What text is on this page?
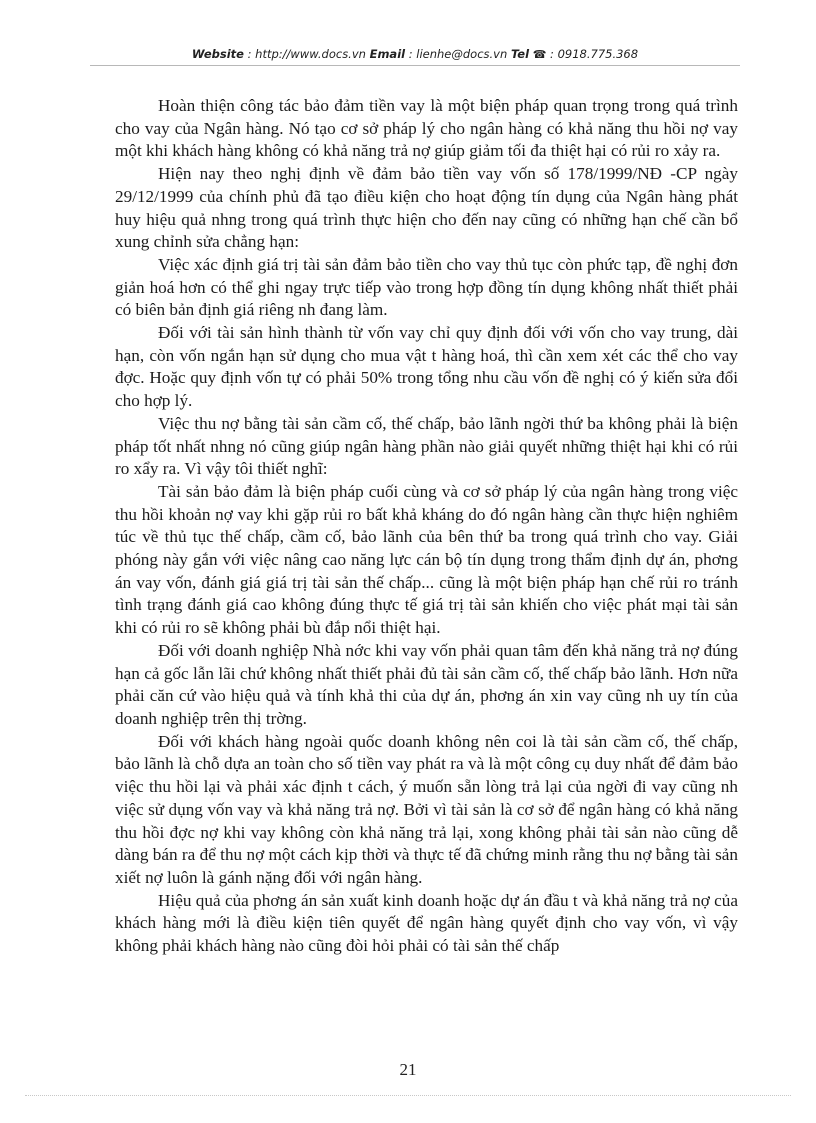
Website : http://www.docs.vn Email : lienhe@docs.vn Tel ☎ : 0918.775.368

Hoàn thiện công tác bảo đảm tiền vay là một biện pháp quan trọng trong quá trình cho vay của Ngân hàng. Nó tạo cơ sở pháp lý cho ngân hàng có khả năng thu hồi nợ vay một khi khách hàng không có khả năng trả nợ giúp giảm tối đa thiệt hại có rủi ro xảy ra.

Hiện nay theo nghị định về đảm bảo tiền vay vốn số 178/1999/NĐ -CP ngày 29/12/1999 của chính phủ đã tạo điều kiện cho hoạt động tín dụng của Ngân hàng phát huy hiệu quả nhng trong quá trình thực hiện cho đến nay cũng có những hạn chế cần bổ xung chỉnh sửa chẳng hạn:

Việc xác định giá trị tài sản đảm bảo tiền cho vay thủ tục còn phức tạp, đề nghị đơn giản hoá hơn có thể ghi ngay trực tiếp vào trong hợp đồng tín dụng không nhất thiết phải có biên bản định giá riêng nh đang làm.

Đối với tài sản hình thành từ vốn vay chỉ quy định đối với vốn cho vay trung, dài hạn, còn vốn ngắn hạn sử dụng cho mua vật t hàng hoá, thì cần xem xét các thể cho vay đợc. Hoặc quy định vốn tự có phải 50% trong tổng nhu cầu vốn đề nghị có ý kiến sửa đổi cho hợp lý.

Việc thu nợ bằng tài sản cầm cố, thế chấp, bảo lãnh ngời thứ ba không phải là biện pháp tốt nhất nhng nó cũng giúp ngân hàng phần nào giải quyết những thiệt hại khi có rủi ro xẩy ra. Vì vậy tôi thiết nghĩ:

Tài sản bảo đảm là biện pháp cuối cùng và cơ sở pháp lý của ngân hàng trong việc thu hồi khoản nợ vay khi gặp rủi ro bất khả kháng do đó ngân hàng cần thực hiện nghiêm túc về thủ tục thế chấp, cầm cố, bảo lãnh của bên thứ ba trong quá trình cho vay. Giải phóng này gắn với việc nâng cao năng lực cán bộ tín dụng trong thẩm định dự án, phơng án vay vốn, đánh giá giá trị tài sản thế chấp... cũng là một biện pháp hạn chế rủi ro tránh tình trạng đánh giá cao không đúng thực tế giá trị tài sản khiến cho việc phát mại tài sản khi có rủi ro sẽ không phải bù đắp nổi thiệt hại.

Đối với doanh nghiệp Nhà nớc khi vay vốn phải quan tâm đến khả năng trả nợ đúng hạn cả gốc lẫn lãi chứ không nhất thiết phải đủ tài sản cầm cố, thế chấp bảo lãnh. Hơn nữa phải căn cứ vào hiệu quả và tính khả thi của dự án, phơng án xin vay cũng nh uy tín của doanh nghiệp trên thị trờng.

Đối với khách hàng ngoài quốc doanh không nên coi là tài sản cầm cố, thế chấp, bảo lãnh là chỗ dựa an toàn cho số tiền vay phát ra và là một công cụ duy nhất để đảm bảo việc thu hồi lại và phải xác định t cách, ý muốn sẵn lòng trả lại của ngời đi vay cũng nh việc sử dụng vốn vay và khả năng trả nợ. Bởi vì tài sản là cơ sở để ngân hàng có khả năng thu hồi đợc nợ khi vay không còn khả năng trả lại, xong không phải tài sản nào cũng dễ dàng bán ra để thu nợ một cách kịp thời và thực tế đã chứng minh rằng thu nợ bằng tài sản xiết nợ luôn là gánh nặng đối với ngân hàng.

Hiệu quả của phơng án sản xuất kinh doanh hoặc dự án đầu t và khả năng trả nợ của khách hàng mới là điều kiện tiên quyết để ngân hàng quyết định cho vay vốn, vì vậy không phải khách hàng nào cũng đòi hỏi phải có tài sản thế chấp

21
